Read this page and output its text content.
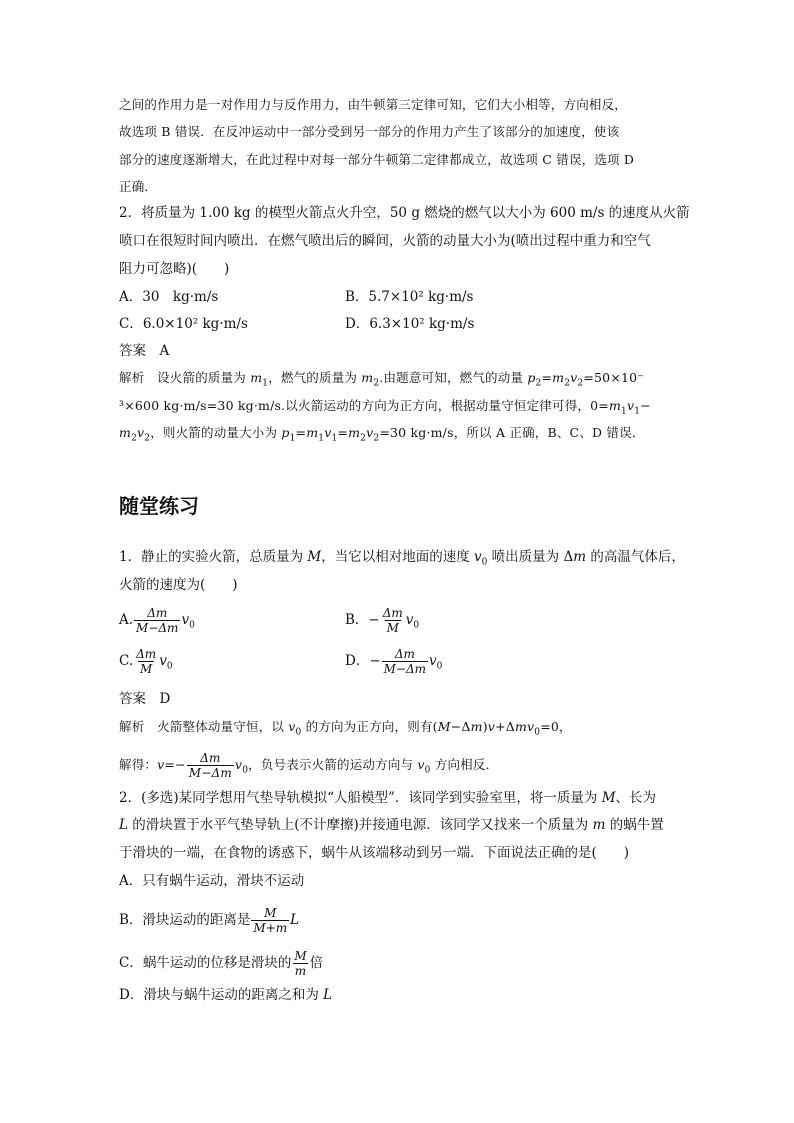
之间的作用力是一对作用力与反作用力，由牛顿第三定律可知，它们大小相等，方向相反，
故选项 B 错误．在反冲运动中一部分受到另一部分的作用力产生了该部分的加速度，使该
部分的速度逐渐增大，在此过程中对每一部分牛顿第二定律都成立，故选项 C 错误，选项 D
正确．
2．将质量为 1.00 kg 的模型火箭点火升空，50 g 燃烧的燃气以大小为 600 m/s 的速度从火箭
喷口在很短时间内喷出．在燃气喷出后的瞬间，火箭的动量大小为(喷出过程中重力和空气
阻力可忽略)(　　)
A．30　kg·m/s	B．5.7×10² kg·m/s
C．6.0×10² kg·m/s	D．6.3×10² kg·m/s
答案　A
解析　设火箭的质量为 $m_1$，燃气的质量为 $m_2$.由题意可知，燃气的动量 $p_2=m_2v_2=50\times 10^-$
³×600 kg·m/s=30 kg·m/s.以火箭运动的方向为正方向，根据动量守恒定律可得，$0=m_1v_1-$
$m_2v_2$，则火箭的动量大小为 $p_1=m_1v_1=m_2v_2=30$ kg·m/s，所以 A 正确，B、C、D 错误．
随堂练习
1．静止的实验火箭，总质量为 M，当它以相对地面的速度 $v_0$ 喷出质量为 Δm 的高温气体后，
火箭的速度为(　　)
A. $\frac{\Delta m}{M-\Delta m} v_0$	B．− $\frac{\Delta m}{M} v_0$
C. $\frac{\Delta m}{M} v_0$	D．− $\frac{\Delta m}{M-\Delta m} v_0$
答案　D
解析　火箭整体动量守恒，以 $v_0$ 的方向为正方向，则有(M−Δm)v+Δmv$_0$=0，
解得：$v=- \frac{\Delta m}{M-\Delta m} v_0$，负号表示火箭的运动方向与 $v_0$ 方向相反．
2．(多选)某同学想用气垫导轨模拟“人船模型”．该同学到实验室里，将一质量为 M、长为
L 的滑块置于水平气垫导轨上(不计摩擦)并接通电源．该同学又找来一个质量为 m 的蜗牛置
于滑块的一端，在食物的诱惑下，蜗牛从该端移动到另一端．下面说法正确的是(　　)
A．只有蜗牛运动，滑块不运动
B．滑块运动的距离是 $\frac{M}{M+m}$ L
C．蜗牛运动的位移是滑块的 $\frac{M}{m}$ 倍
D．滑块与蜗牛运动的距离之和为 L
